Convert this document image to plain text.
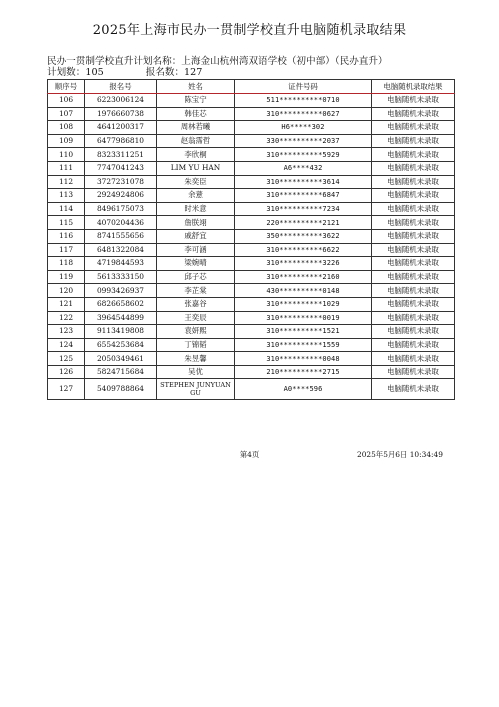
2025年上海市民办一贯制学校直升电脑随机录取结果
民办一贯制学校直升计划名称：上海金山杭州湾双语学校（初中部）（民办直升）
计划数：105	报名数：127
顺序号	报名号	姓名	证件号码	电脑随机录取结果
106	6223006124	陈宝宁	511**********0710	电脑随机未录取
107	1976660738	韩佳芯	310**********0627	电脑随机未录取
108	4641200317	周林若曦	H6*****302	电脑随机未录取
109	6477986810	赵翁霈哲	330**********2037	电脑随机未录取
110	8323311251	李欣桐	310**********5929	电脑随机未录取
111	7747041243	LIM YU HAN	A6****432	电脑随机未录取
112	3727231078	朱奕臣	310**********3614	电脑随机未录取
113	2924924806	余薏	310**********6847	电脑随机未录取
114	8496175073	时米意	310**********7234	电脑随机未录取
115	4070204436	詹朕翊	220**********2121	电脑随机未录取
116	8741555656	戚舒宜	350**********3622	电脑随机未录取
117	6481322084	李可涵	310**********6622	电脑随机未录取
118	4719844593	梁婉晴	310**********3226	电脑随机未录取
119	5613333150	邱子芯	310**********2160	电脑随机未录取
120	0993426937	李芷棠	430**********0148	电脑随机未录取
121	6826658602	张嘉谷	310**********1029	电脑随机未录取
122	3964544899	王奕辰	310**********0019	电脑随机未录取
123	9113419808	袁妍熙	310**********1521	电脑随机未录取
124	6554253684	丁锦韬	310**********1559	电脑随机未录取
125	2050349461	朱昱馨	310**********0048	电脑随机未录取
126	5824715684	吴优	210**********2715	电脑随机未录取
127	5409788864	STEPHEN JUNYUAN GU	A0****596	电脑随机未录取
第4页	2025年5月6日 10:34:49
